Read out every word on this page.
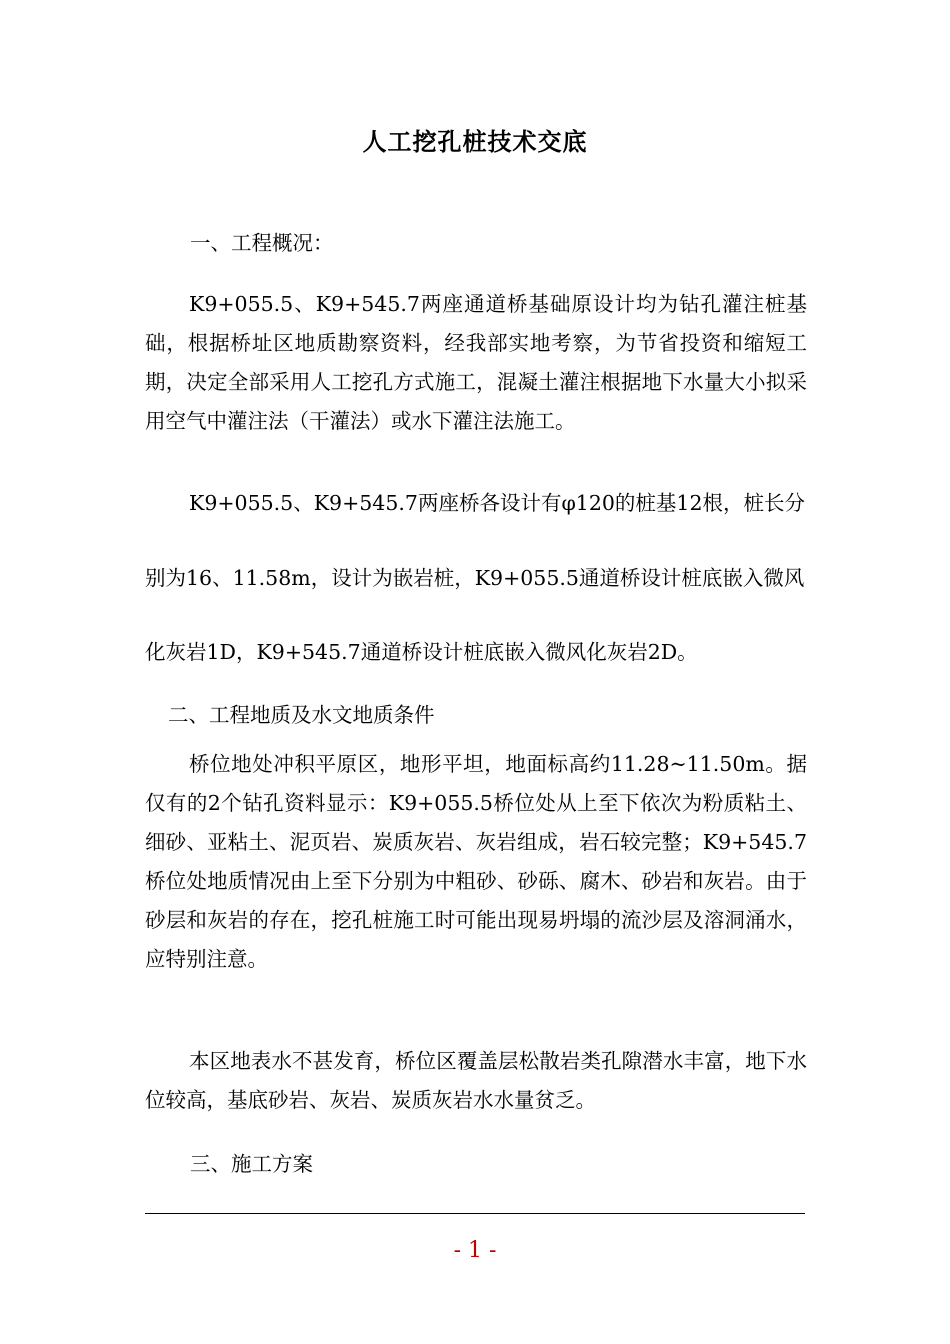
人工挖孔桩技术交底
一、工程概况：

K9+055.5、K9+545.7两座通道桥基础原设计均为钻孔灌注桩基础，根据桥址区地质勘察资料，经我部实地考察，为节省投资和缩短工期，决定全部采用人工挖孔方式施工，混凝土灌注根据地下水量大小拟采用空气中灌注法（干灌法）或水下灌注法施工。

K9+055.5、K9+545.7两座桥各设计有φ120的桩基12根，桩长分

别为16、11.58m，设计为嵌岩桩，K9+055.5通道桥设计桩底嵌入微风

化灰岩1D，K9+545.7通道桥设计桩底嵌入微风化灰岩2D。

二、工程地质及水文地质条件

桥位地处冲积平原区，地形平坦，地面标高约11.28~11.50m。据仅有的2个钻孔资料显示：K9+055.5桥位处从上至下依次为粉质粘土、细砂、亚粘土、泥页岩、炭质灰岩、灰岩组成，岩石较完整；K9+545.7桥位处地质情况由上至下分别为中粗砂、砂砾、腐木、砂岩和灰岩。由于砂层和灰岩的存在，挖孔桩施工时可能出现易坍塌的流沙层及溶洞涌水，应特别注意。

本区地表水不甚发育，桥位区覆盖层松散岩类孔隙潜水丰富，地下水位较高，基底砂岩、灰岩、炭质灰岩水水量贫乏。

三、施工方案
- 1 -
